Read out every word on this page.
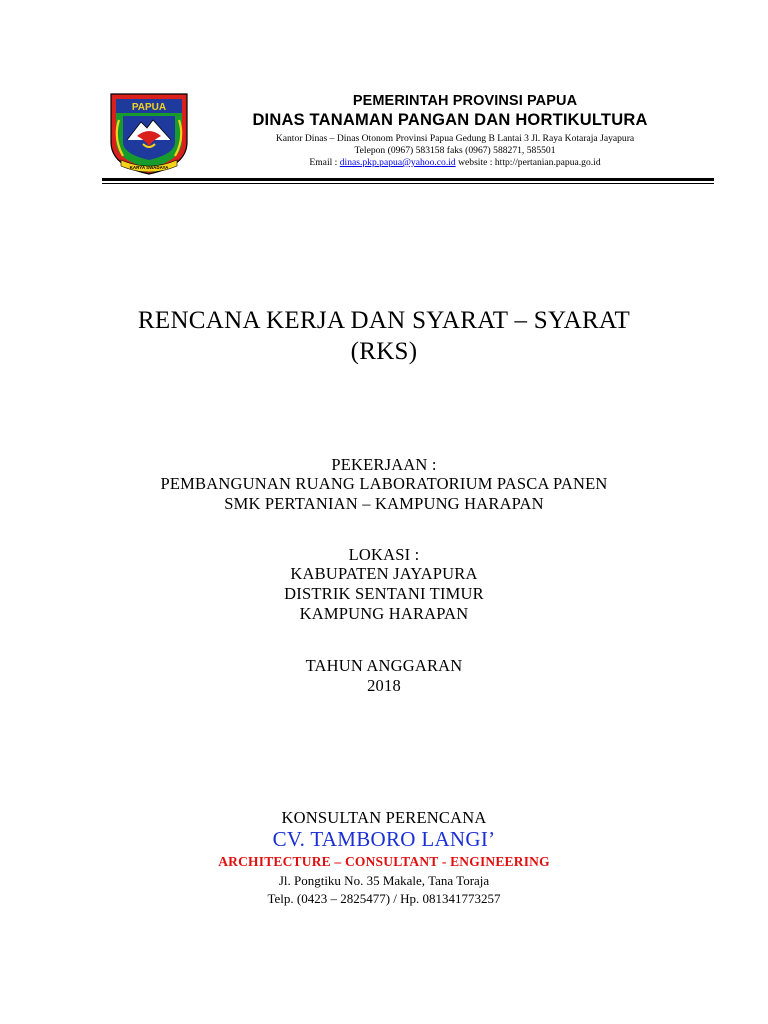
PAPUA
KARYA SWADAYA
PEMERINTAH PROVINSI PAPUA
DINAS TANAMAN PANGAN DAN HORTIKULTURA
Kantor Dinas – Dinas Otonom Provinsi Papua Gedung B Lantai 3 Jl. Raya Kotaraja Jayapura
Telepon (0967) 583158 faks (0967) 588271, 585501
Email : dinas.pkp.papua@yahoo.co.id website : http://pertanian.papua.go.id
RENCANA KERJA DAN SYARAT – SYARAT
(RKS)
PEKERJAAN :
PEMBANGUNAN RUANG LABORATORIUM PASCA PANEN
SMK PERTANIAN – KAMPUNG HARAPAN
LOKASI :
KABUPATEN JAYAPURA
DISTRIK SENTANI TIMUR
KAMPUNG HARAPAN
TAHUN ANGGARAN
2018
KONSULTAN PERENCANA
CV. TAMBORO LANGI’
ARCHITECTURE – CONSULTANT - ENGINEERING
Jl. Pongtiku No. 35 Makale, Tana Toraja
Telp. (0423 – 2825477) / Hp. 081341773257
